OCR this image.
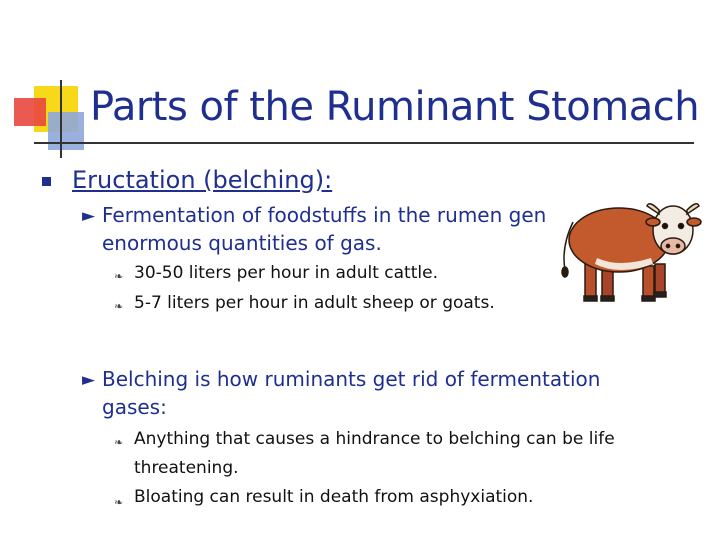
Parts of the Ruminant Stomach
Eructation (belching):
► Fermentation of foodstuffs in the rumen gen
enormous quantities of gas.
❧ 30-50 liters per hour in adult cattle.
❧ 5-7 liters per hour in adult sheep or goats.
► Belching is how ruminants get rid of fermentation
gases:
❧ Anything that causes a hindrance to belching can be life
threatening.
❧ Bloating can result in death from asphyxiation.
